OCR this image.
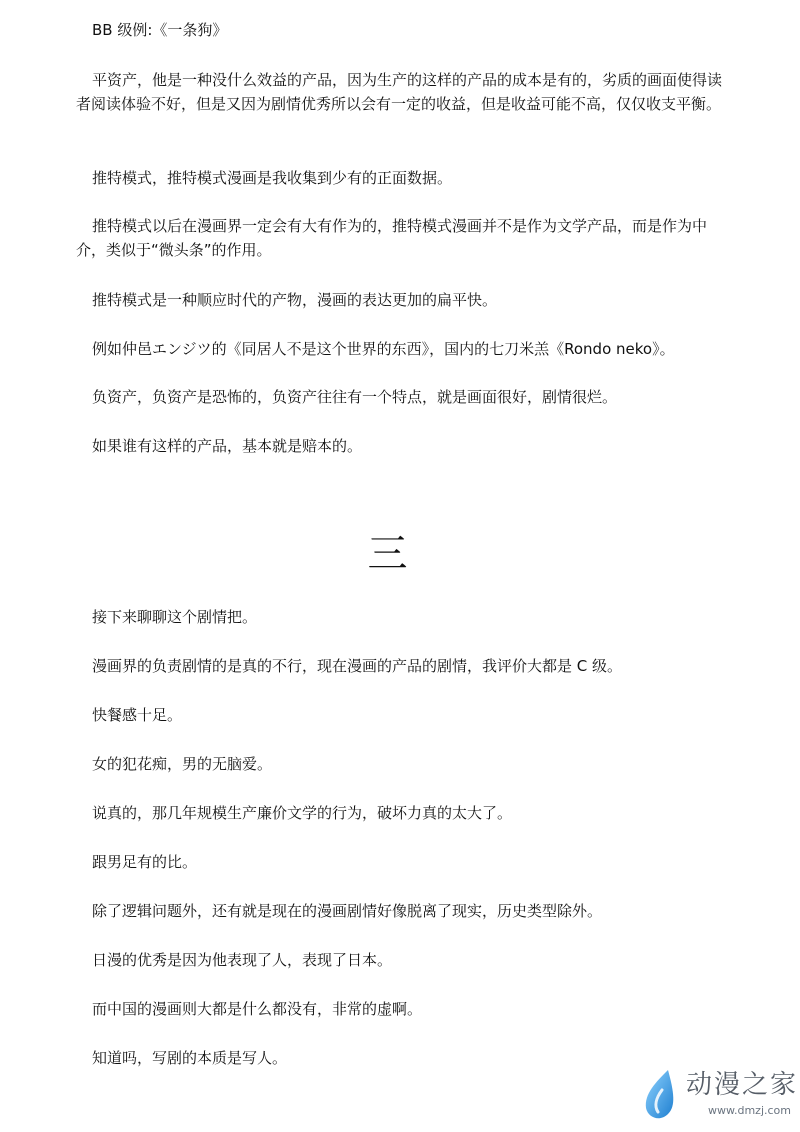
BB 级例:《一条狗》

平资产，他是一种没什么效益的产品，因为生产的这样的产品的成本是有的，劣质的画面使得读者阅读体验不好，但是又因为剧情优秀所以会有一定的收益，但是收益可能不高，仅仅收支平衡。

推特模式，推特模式漫画是我收集到少有的正面数据。

推特模式以后在漫画界一定会有大有作为的，推特模式漫画并不是作为文学产品，而是作为中介，类似于“微头条”的作用。

推特模式是一种顺应时代的产物，漫画的表达更加的扁平快。

例如仲邑エンジツ的《同居人不是这个世界的东西》，国内的七刀米羔《Rondo neko》。

负资产，负资产是恐怖的，负资产往往有一个特点，就是画面很好，剧情很烂。

如果谁有这样的产品，基本就是赔本的。

三

接下来聊聊这个剧情把。

漫画界的负责剧情的是真的不行，现在漫画的产品的剧情，我评价大都是 C 级。

快餐感十足。

女的犯花痴，男的无脑爱。

说真的，那几年规模生产廉价文学的行为，破坏力真的太大了。

跟男足有的比。

除了逻辑问题外，还有就是现在的漫画剧情好像脱离了现实，历史类型除外。

日漫的优秀是因为他表现了人，表现了日本。

而中国的漫画则大都是什么都没有，非常的虚啊。

知道吗，写剧的本质是写人。

动漫之家
www.dmzj.com
